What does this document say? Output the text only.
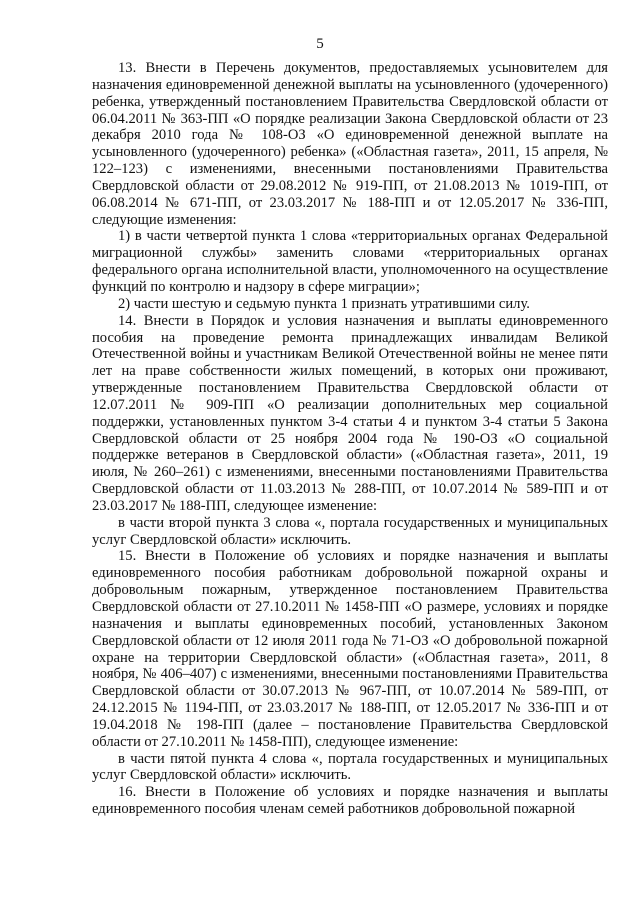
5

13. Внести в Перечень документов, предоставляемых усыновителем для назначения единовременной денежной выплаты на усыновленного (удочеренного) ребенка, утвержденный постановлением Правительства Свердловской области от 06.04.2011 № 363-ПП «О порядке реализации Закона Свердловской области от 23 декабря 2010 года № 108-ОЗ «О единовременной денежной выплате на усыновленного (удочеренного) ребенка» («Областная газета», 2011, 15 апреля, № 122–123) с изменениями, внесенными постановлениями Правительства Свердловской области от 29.08.2012 № 919-ПП, от 21.08.2013 № 1019-ПП, от 06.08.2014 № 671-ПП, от 23.03.2017 № 188-ПП и от 12.05.2017 № 336-ПП, следующие изменения:

1) в части четвертой пункта 1 слова «территориальных органах Федеральной миграционной службы» заменить словами «территориальных органах федерального органа исполнительной власти, уполномоченного на осуществление функций по контролю и надзору в сфере миграции»;

2) части шестую и седьмую пункта 1 признать утратившими силу.

14. Внести в Порядок и условия назначения и выплаты единовременного пособия на проведение ремонта принадлежащих инвалидам Великой Отечественной войны и участникам Великой Отечественной войны не менее пяти лет на праве собственности жилых помещений, в которых они проживают, утвержденные постановлением Правительства Свердловской области от 12.07.2011 № 909-ПП «О реализации дополнительных мер социальной поддержки, установленных пунктом 3-4 статьи 4 и пунктом 3-4 статьи 5 Закона Свердловской области от 25 ноября 2004 года № 190-ОЗ «О социальной поддержке ветеранов в Свердловской области» («Областная газета», 2011, 19 июля, № 260–261) с изменениями, внесенными постановлениями Правительства Свердловской области от 11.03.2013 № 288-ПП, от 10.07.2014 № 589-ПП и от 23.03.2017 № 188-ПП, следующее изменение:

в части второй пункта 3 слова «, портала государственных и муниципальных услуг Свердловской области» исключить.

15. Внести в Положение об условиях и порядке назначения и выплаты единовременного пособия работникам добровольной пожарной охраны и добровольным пожарным, утвержденное постановлением Правительства Свердловской области от 27.10.2011 № 1458-ПП «О размере, условиях и порядке назначения и выплаты единовременных пособий, установленных Законом Свердловской области от 12 июля 2011 года № 71-ОЗ «О добровольной пожарной охране на территории Свердловской области» («Областная газета», 2011, 8 ноября, № 406–407) с изменениями, внесенными постановлениями Правительства Свердловской области от 30.07.2013 № 967-ПП, от 10.07.2014 № 589-ПП, от 24.12.2015 № 1194-ПП, от 23.03.2017 № 188-ПП, от 12.05.2017 № 336-ПП и от 19.04.2018 № 198-ПП (далее – постановление Правительства Свердловской области от 27.10.2011 № 1458-ПП), следующее изменение:

в части пятой пункта 4 слова «, портала государственных и муниципальных услуг Свердловской области» исключить.

16. Внести в Положение об условиях и порядке назначения и выплаты единовременного пособия членам семей работников добровольной пожарной
